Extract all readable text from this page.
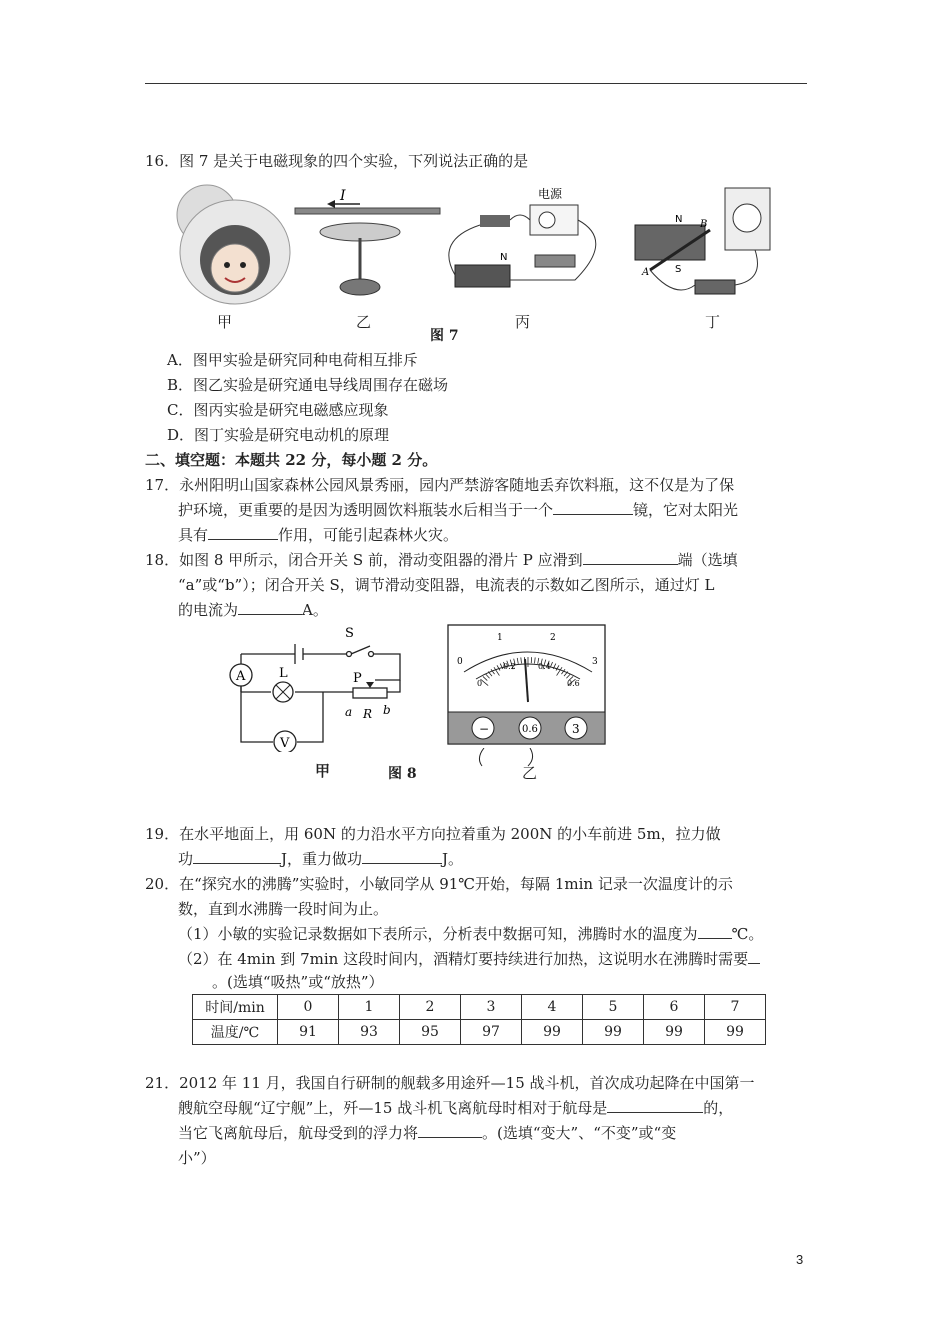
16．图 7 是关于电磁现象的四个实验，下列说法正确的是
I	电源
N
N
S
A
B
甲	乙	丙	丁
图 7
A．图甲实验是研究同种电荷相互排斥
B．图乙实验是研究通电导线周围存在磁场
C．图丙实验是研究电磁感应现象
D．图丁实验是研究电动机的原理
二、填空题：本题共 22 分，每小题 2 分。
17．永州阳明山国家森林公园风景秀丽，园内严禁游客随地丢弃饮料瓶，这不仅是为了保
护环境，更重要的是因为透明圆饮料瓶装水后相当于一个	镜，它对太阳光
具有	作用，可能引起森林火灾。
18．如图 8 甲所示，闭合开关 S 前，滑动变阻器的滑片 P 应滑到	端（选填
“a”或“b”）；闭合开关 S，调节滑动变阻器，电流表的示数如乙图所示，通过灯 L
的电流为	A。
A	L
V
S
P
a R b
0
1	2
3
0
0.2	0.4
0.6
−	0.6	3
甲	图 8	乙
19．在水平地面上，用 60N 的力沿水平方向拉着重为 200N 的小车前进 5m，拉力做
功	J，重力做功	J。
20．在“探究水的沸腾”实验时，小敏同学从 91℃开始，每隔 1min 记录一次温度计的示
数，直到水沸腾一段时间为止。
（1）小敏的实验记录数据如下表所示，分析表中数据可知，沸腾时水的温度为 ℃。
（2）在 4min 到 7min 这段时间内，酒精灯要持续进行加热，这说明水在沸腾时需要
。(选填“吸热”或“放热”）
时间/min	0	1	2	3	4	5	6	7
温度/℃	91	93	95	97	99	99	99	99
21．2012 年 11 月，我国自行研制的舰载多用途歼—15 战斗机，首次成功起降在中国第一
艘航空母舰“辽宁舰”上，歼—15 战斗机飞离航母时相对于航母是	的，
当它飞离航母后，航母受到的浮力将	。(选填“变大”、“不变”或“变
小”）
3
